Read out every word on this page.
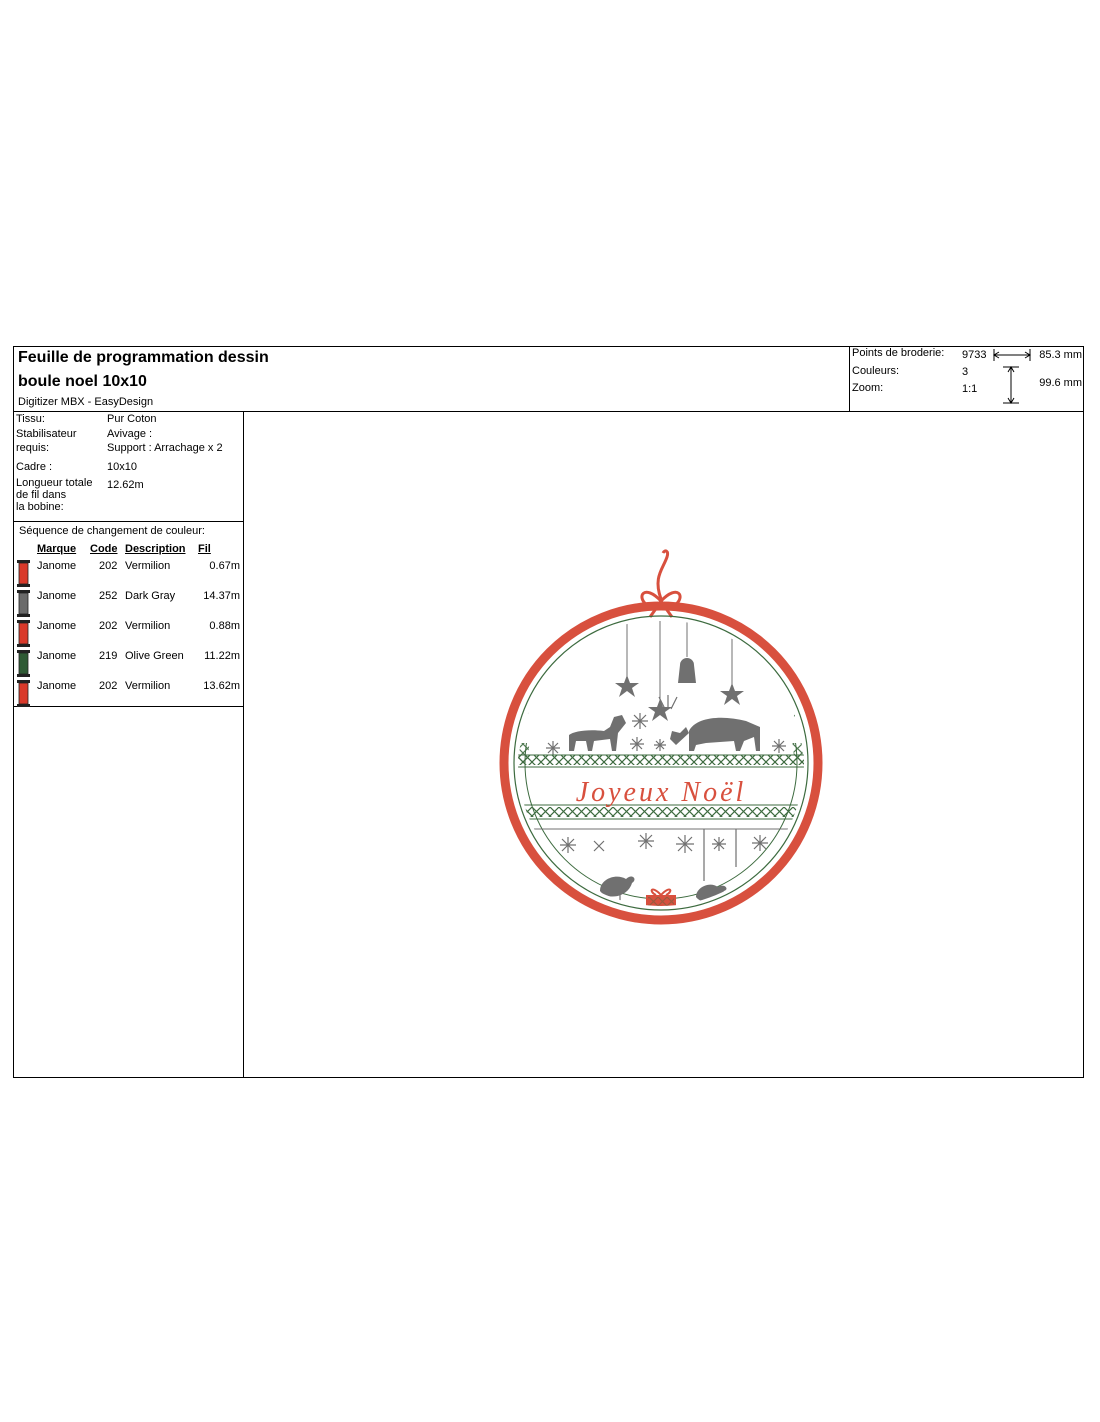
Feuille de programmation dessin
boule noel 10x10
Digitizer MBX - EasyDesign
Points de broderie: 9733
Couleurs:	3
Zoom:	1:1
85.3 mm
99.6 mm
Tissu:	Pur Coton
Stabilisateur	Avivage :
requis:	Support : Arrachage x 2
Cadre :	10x10
Longueur totale 12.62m
de fil dans
la bobine:
Séquence de changement de couleur:
Marque Code Description Fil
Janome 202 Vermilion	0.67m
Janome 252 Dark Gray	14.37m
Janome 202 Vermilion	0.88m
Janome 219 Olive Green 11.22m
Janome 202 Vermilion	13.62m
Joyeux Noël
